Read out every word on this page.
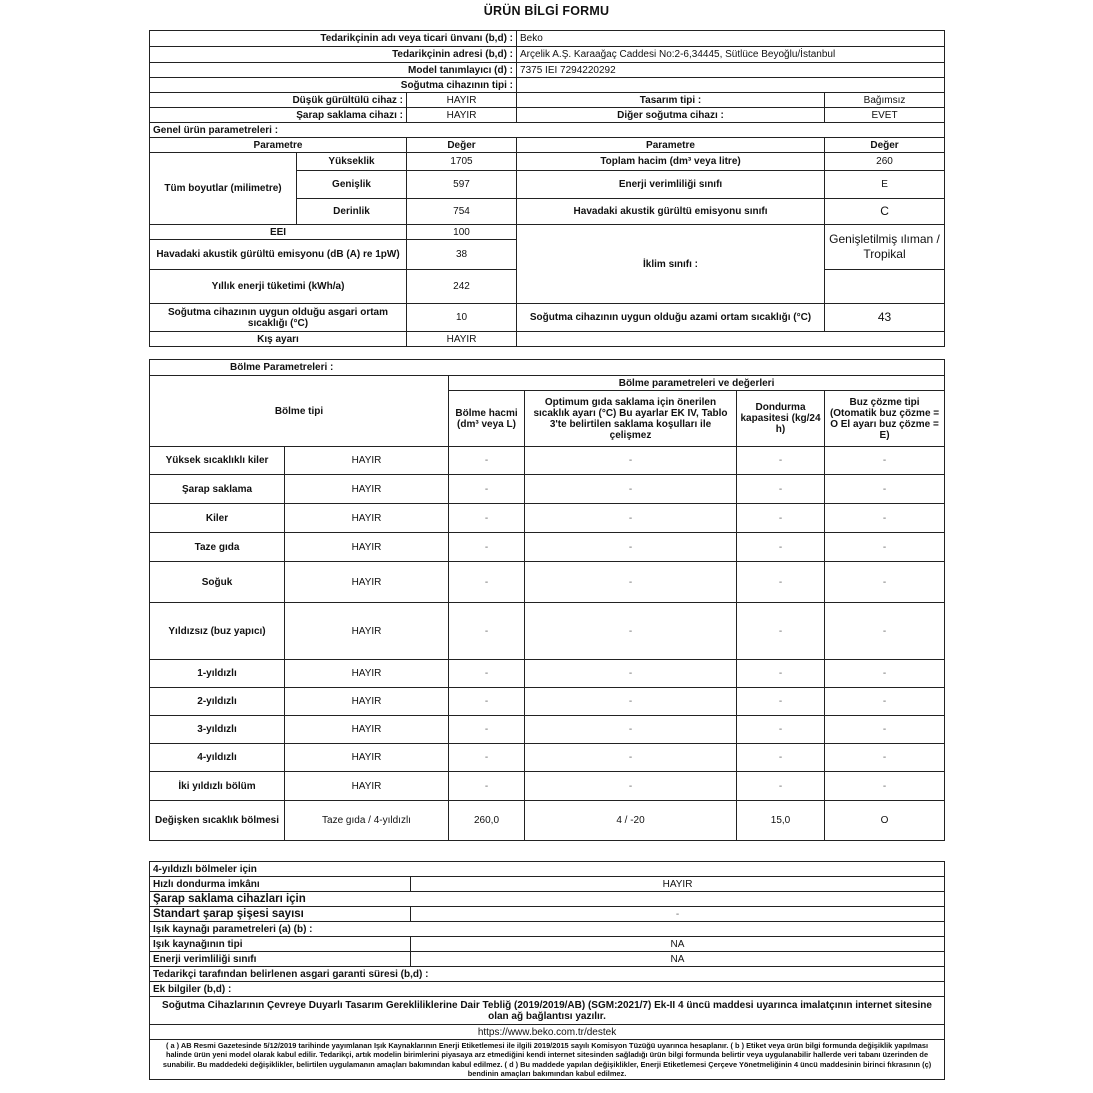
ÜRÜN BİLGİ FORMU
Tedarikçinin adı veya ticari ünvanı (b,d) :			Beko	
Tedarikçinin adresi (b,d) :			Arçelik A.Ş. Karaağaç Caddesi No:2-6,34445, Sütlüce Beyoğlu/İstanbul	
Model tanımlayıcı (d) :			7375 IEI 7294220292	
Soğutma cihazının tipi :				
Düşük gürültülü cihaz :		HAYIR	Tasarım tipi :	Bağımsız
Şarap saklama cihazı :		HAYIR	Diğer soğutma cihazı :	EVET
Genel ürün parametreleri :				
Parametre		Değer	Parametre	Değer
Tüm boyutlar (milimetre)	Yükseklik	1705	Toplam hacim (dm³ veya litre)	260
	Genişlik	597	Enerji verimliliği sınıfı	E
	Derinlik	754	Havadaki akustik gürültü emisyonu sınıfı	C
EEI		100	İklim sınıfı :	Genişletilmiş ılıman / Tropikal
Havadaki akustik gürültü emisyonu (dB (A) re 1pW)		38		
Yıllık enerji tüketimi (kWh/a)		242		
Soğutma cihazının uygun olduğu asgari ortam sıcaklığı (°C)		10	Soğutma cihazının uygun olduğu azami ortam sıcaklığı (°C)	43
Kış ayarı		HAYIR		
Bölme Parametreleri :					
Bölme tipi		Bölme parametreleri ve değerleri			
		Bölme hacmi (dm³ veya L)	Optimum gıda saklama için önerilen sıcaklık ayarı (°C) Bu ayarlar EK IV, Tablo 3'te belirtilen saklama koşulları ile çelişmez	Dondurma kapasitesi (kg/24 h)	Buz çözme tipi (Otomatik buz çözme = O El ayarı buz çözme = E)
Yüksek sıcaklıklı kiler	HAYIR	-	-	-	-
Şarap saklama	HAYIR	-	-	-	-
Kiler	HAYIR	-	-	-	-
Taze gıda	HAYIR	-	-	-	-
Soğuk	HAYIR	-	-	-	-
Yıldızsız (buz yapıcı)	HAYIR	-	-	-	-
1-yıldızlı	HAYIR	-	-	-	-
2-yıldızlı	HAYIR	-	-	-	-
3-yıldızlı	HAYIR	-	-	-	-
4-yıldızlı	HAYIR	-	-	-	-
İki yıldızlı bölüm	HAYIR	-	-	-	-
Değişken sıcaklık bölmesi	Taze gıda / 4-yıldızlı	260,0	4 / -20	15,0	O
4-yıldızlı bölmeler için	
Hızlı dondurma imkânı	HAYIR
Şarap saklama cihazları için	
Standart şarap şişesi sayısı	-
Işık kaynağı parametreleri (a) (b) :	
Işık kaynağının tipi	NA
Enerji verimliliği sınıfı	NA
Tedarikçi tarafından belirlenen asgari garanti süresi (b,d) :	
Ek bilgiler (b,d) :	
Soğutma Cihazlarının Çevreye Duyarlı Tasarım Gerekliliklerine Dair Tebliğ (2019/2019/AB) (SGM:2021/7) Ek-II 4 üncü maddesi uyarınca imalatçının internet sitesine olan ağ bağlantısı yazılır.	
https://www.beko.com.tr/destek	
( a ) AB Resmi Gazetesinde 5/12/2019 tarihinde yayımlanan Işık Kaynaklarının Enerji Etiketlemesi ile ilgili 2019/2015 sayılı Komisyon Tüzüğü uyarınca hesaplanır. ( b ) Etiket veya ürün bilgi formunda değişiklik yapılması halinde ürün yeni model olarak kabul edilir. Tedarikçi, artık modelin birimlerini piyasaya arz etmediğini kendi internet sitesinden sağladığı ürün bilgi formunda belirtir veya uygulanabilir hallerde veri tabanı üzerinden de sunabilir. Bu maddedeki değişiklikler, belirtilen uygulamanın amaçları bakımından kabul edilmez. ( d ) Bu maddede yapılan değişiklikler, Enerji Etiketlemesi Çerçeve Yönetmeliğinin 4 üncü maddesinin birinci fıkrasının (ç) bendinin amaçları bakımından kabul edilmez.	
